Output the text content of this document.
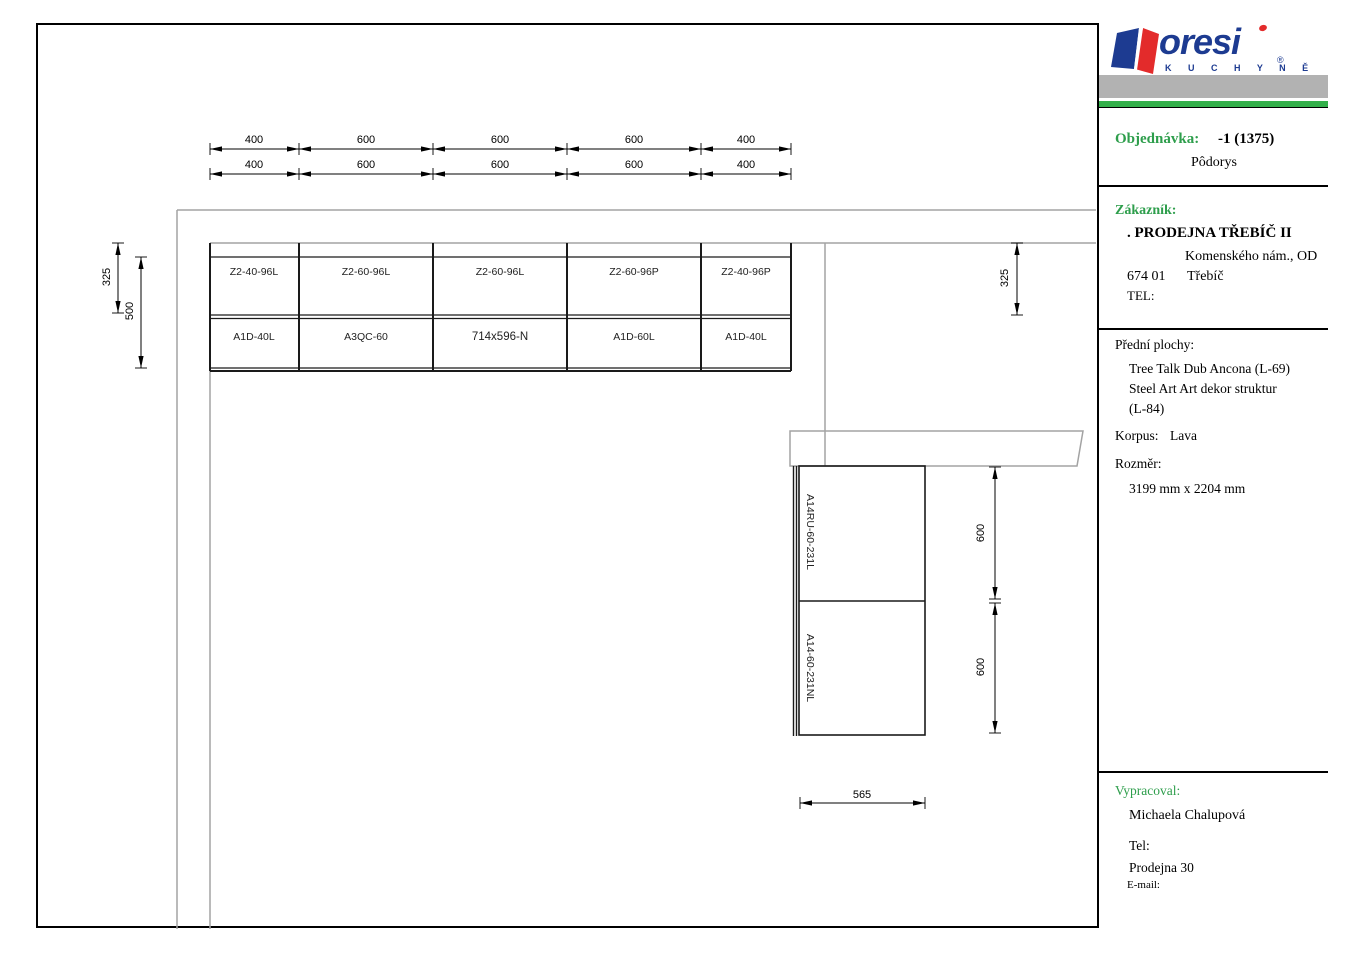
400	600	600	600	400
400	600	600	600	400
325
500
325
600
600
565
Z2-40-96L	Z2-60-96L	Z2-60-96L	Z2-60-96P	Z2-40-96P
A1D-40L	A3QC-60	714x596-N	A1D-60L	A1D-40L
A14RU-60-231L
A14-60-231NL
oresi	®
K U C H Y N Ě
Objednávka: -1 (1375)
Pôdorys
Zákazník:
. PRODEJNA TŘEBÍČ II
Komenského nám., OD
674 01 Třebíč
TEL:
Přední plochy:
Tree Talk Dub Ancona (L-69)
Steel Art Art dekor struktur
(L-84)
Korpus: Lava
Rozměr:
3199 mm x 2204 mm
Vypracoval:
Michaela Chalupová
Tel:
Prodejna 30
E-mail:
